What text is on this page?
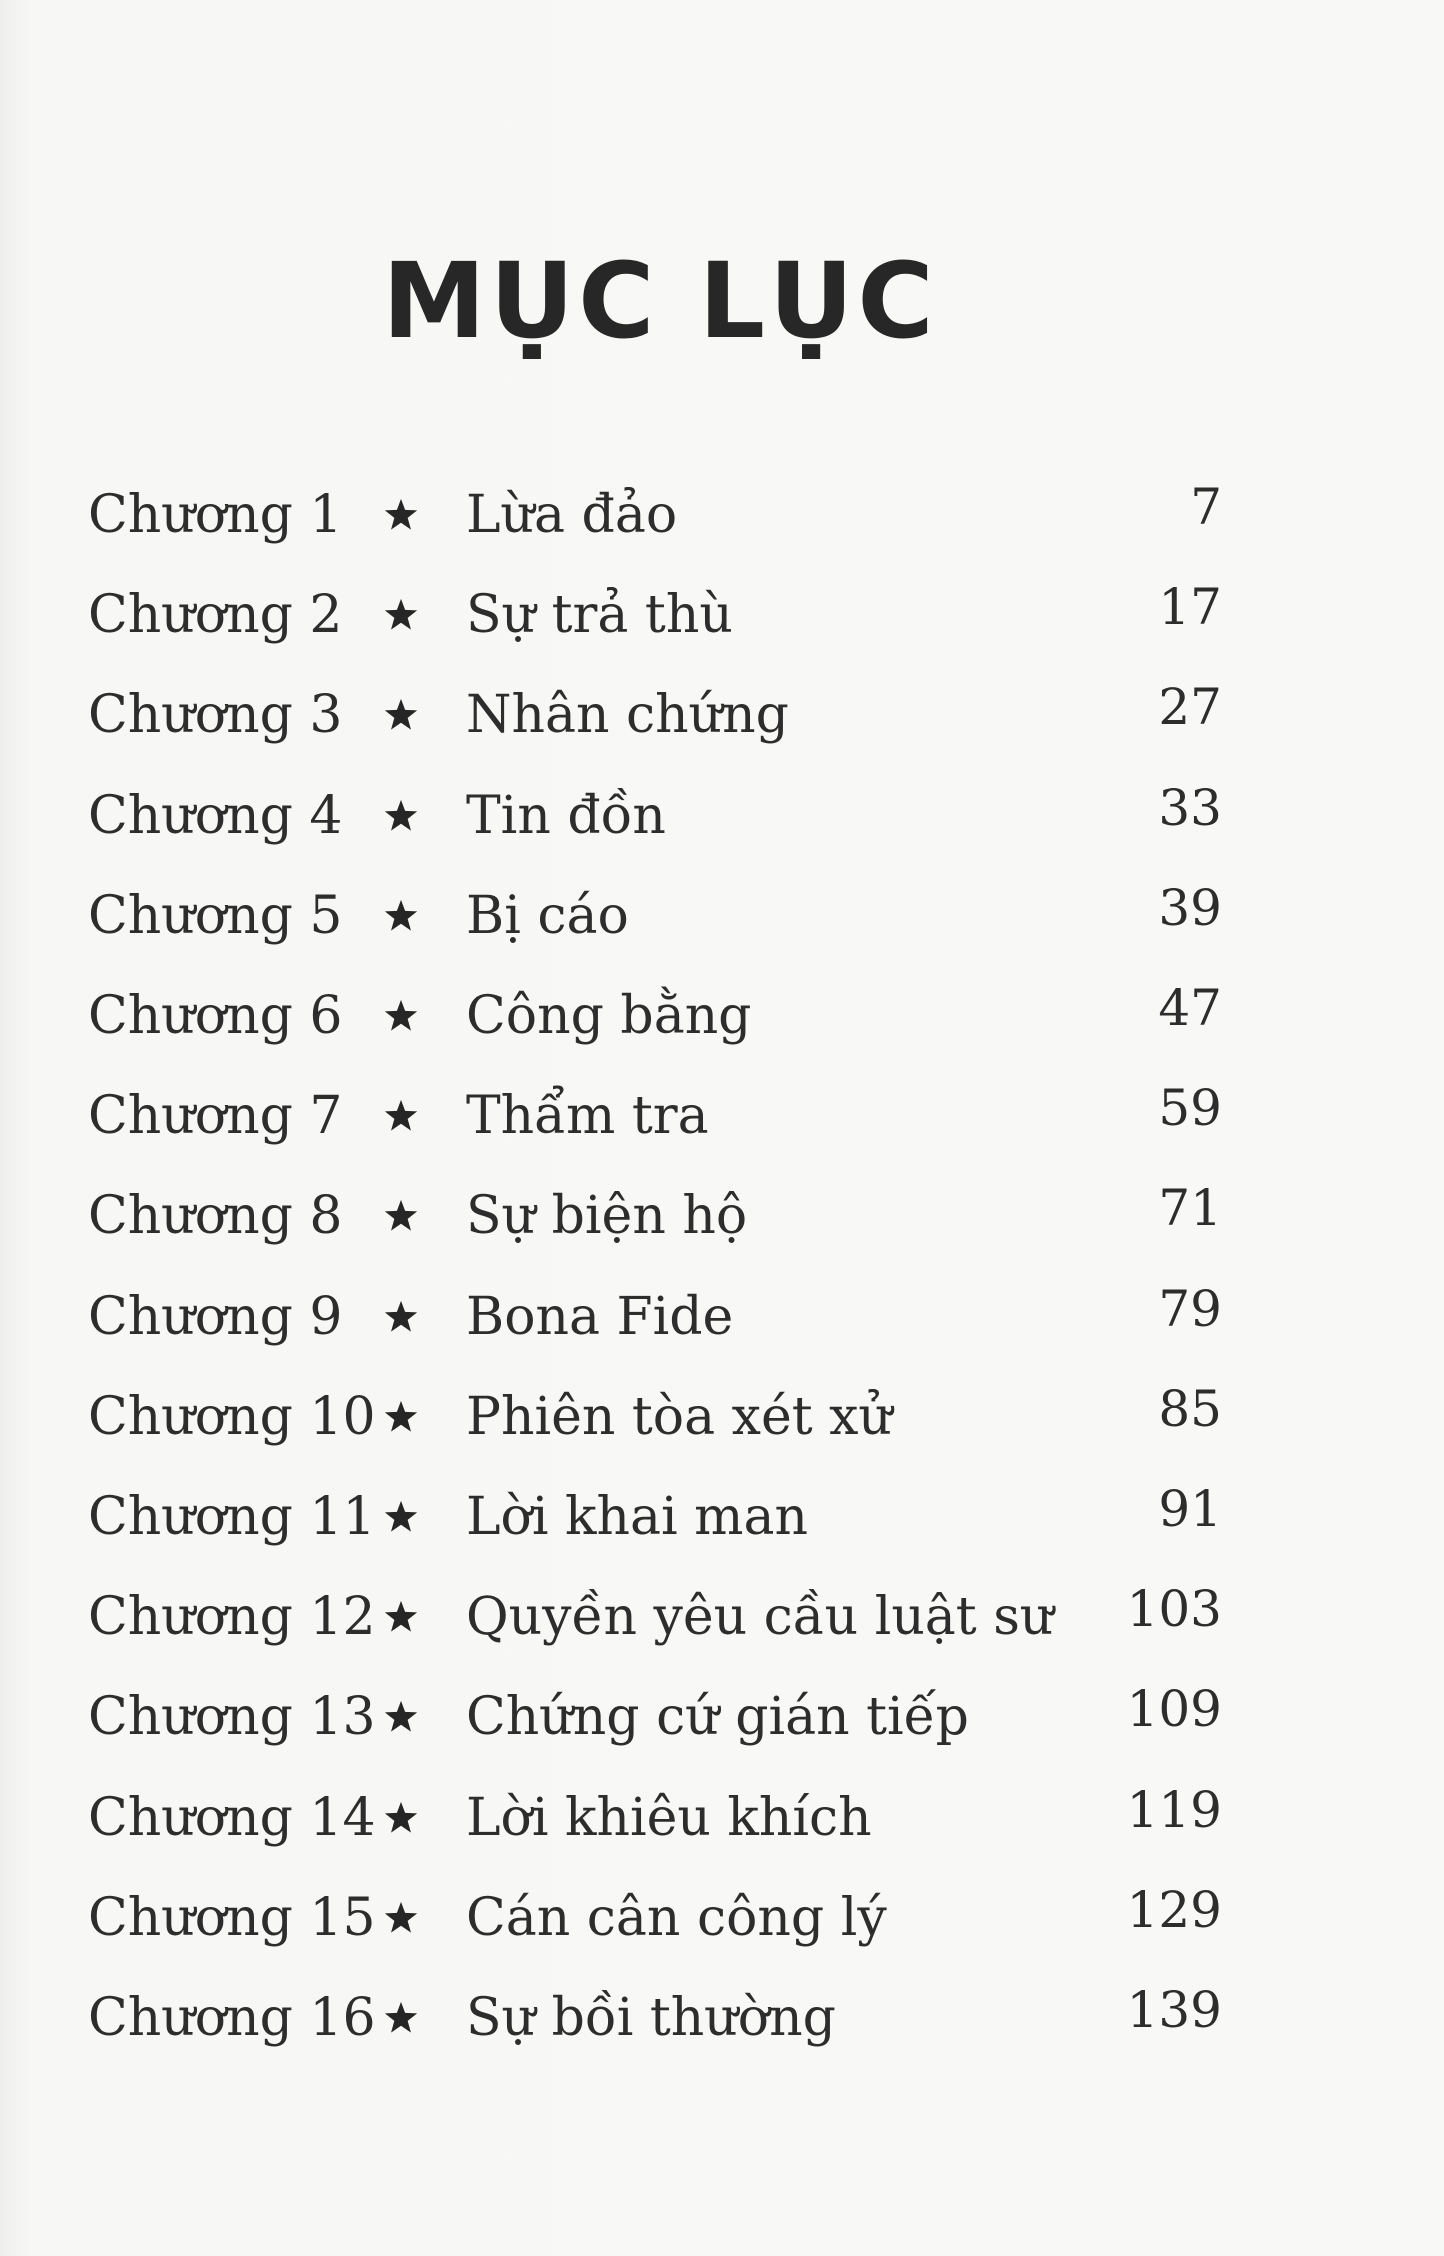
MỤC LỤC
Chương 1 Lừa đảo	7
Chương 2 Sự trả thù	17
Chương 3 Nhân chứng	27
Chương 4 Tin đồn	33
Chương 5 Bị cáo	39
Chương 6 Công bằng	47
Chương 7 Thẩm tra	59
Chương 8 Sự biện hộ	71
Chương 9 Bona Fide	79
Chương 10 Phiên tòa xét xử	85
Chương 11 Lời khai man	91
Chương 12 Quyền yêu cầu luật sư 103
Chương 13 Chứng cứ gián tiếp	109
Chương 14 Lời khiêu khích	119
Chương 15 Cán cân công lý	129
Chương 16 Sự bồi thường	139
